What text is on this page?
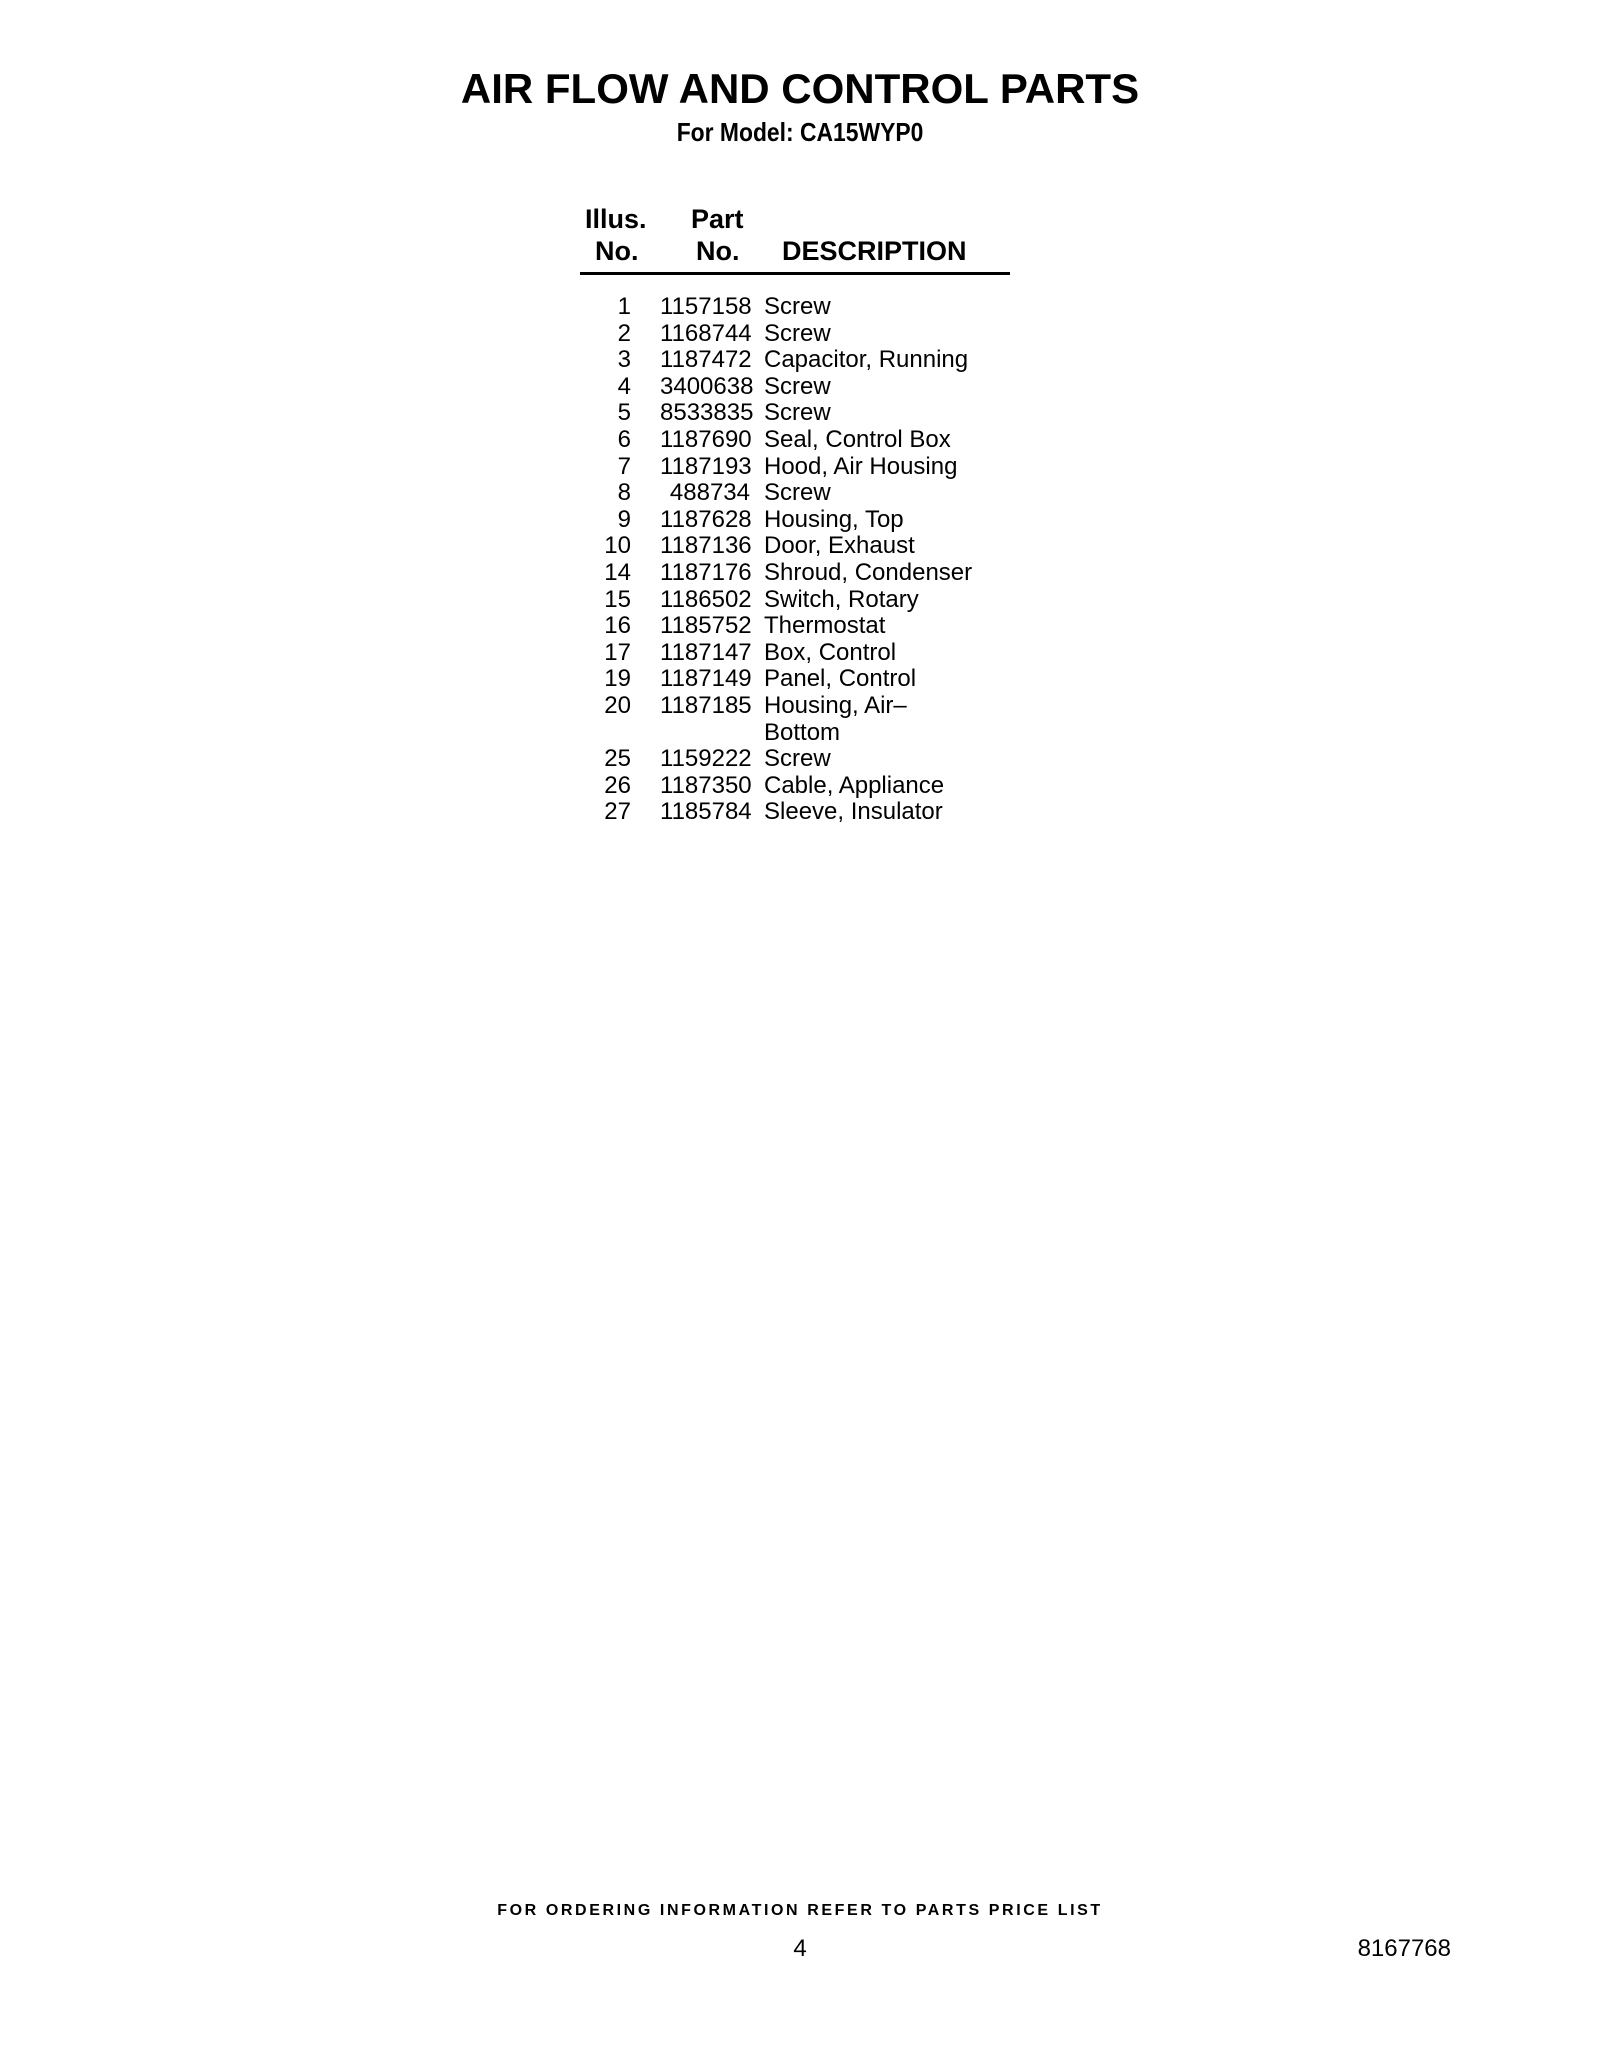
AIR FLOW AND CONTROL PARTS
For Model: CA15WYP0
Illus.
No.
Part
No. DESCRIPTION
1 1157158 Screw
2 1168744 Screw
3 1187472 Capacitor, Running
4 3400638 Screw
5 8533835 Screw
6 1187690 Seal, Control Box
7 1187193 Hood, Air Housing
8	488734 Screw
9 1187628 Housing, Top
10 1187136 Door, Exhaust
14 1187176 Shroud, Condenser
15 1186502 Switch, Rotary
16 1185752 Thermostat
17 1187147 Box, Control
19 1187149 Panel, Control
20 1187185 Housing, Air–
Bottom
25 1159222 Screw
26 1187350 Cable, Appliance
27 1185784 Sleeve, Insulator
FOR ORDERING INFORMATION REFER TO PARTS PRICE LIST
4	8167768
